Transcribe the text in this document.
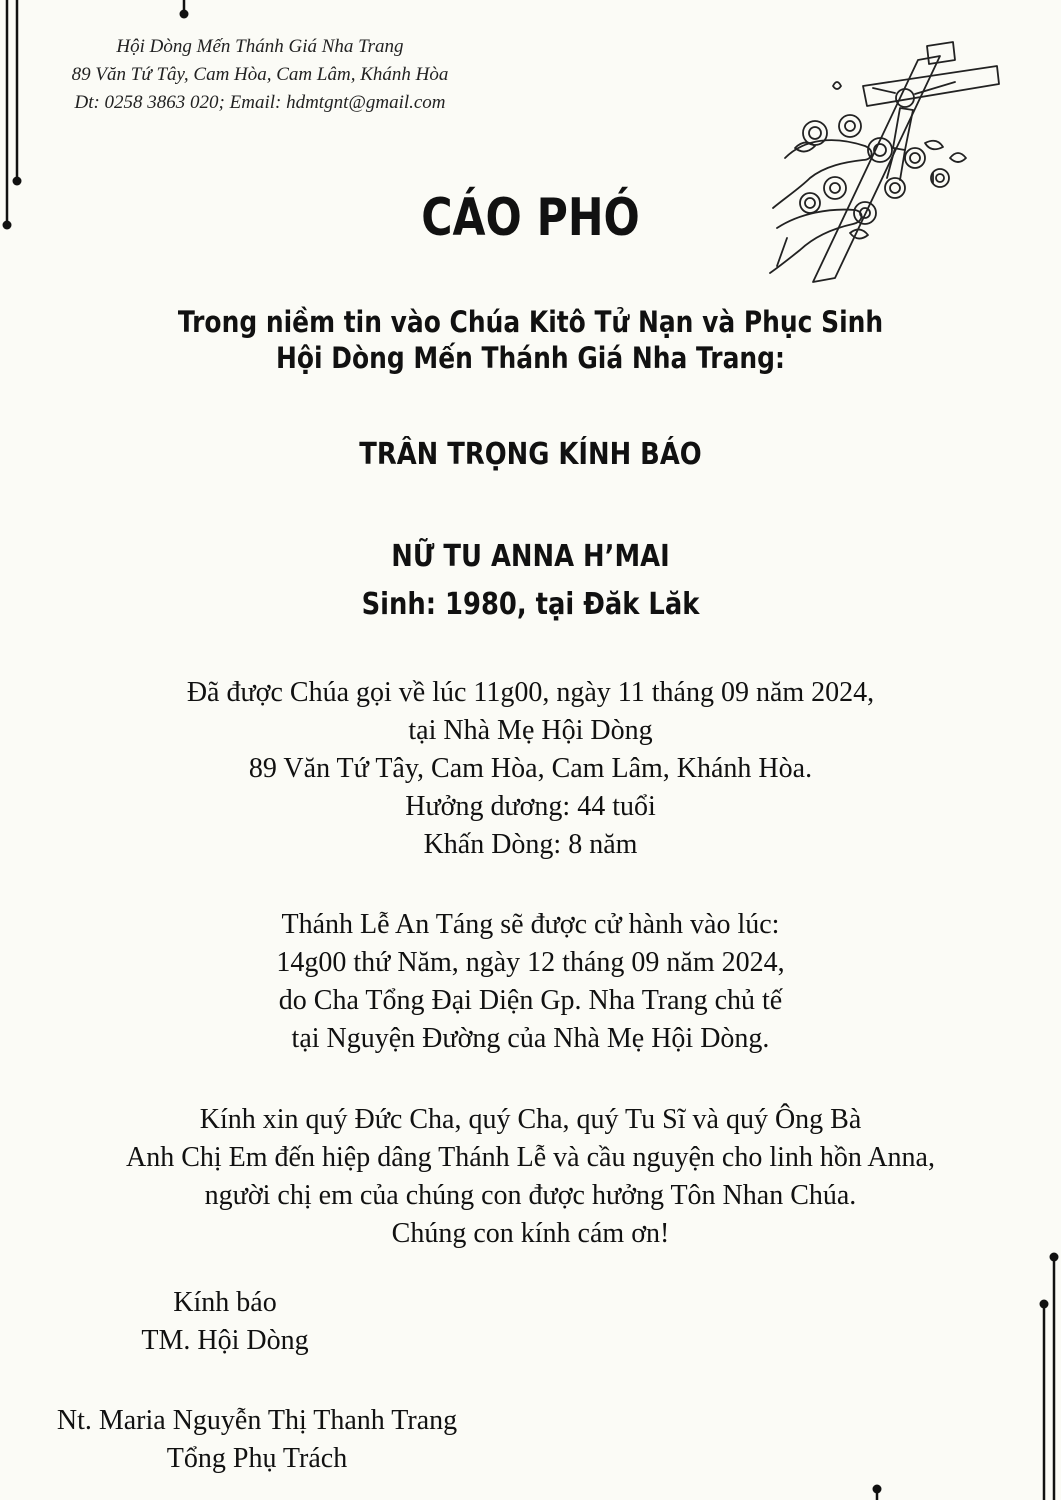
Hội Dòng Mến Thánh Giá Nha Trang
89 Văn Tứ Tây, Cam Hòa, Cam Lâm, Khánh Hòa
Dt: 0258 3863 020; Email: hdmtgnt@gmail.com
CÁO PHÓ
Trong niềm tin vào Chúa Kitô Tử Nạn và Phục Sinh
Hội Dòng Mến Thánh Giá Nha Trang:
TRÂN TRỌNG KÍNH BÁO
NỮ TU ANNA H’MAI
Sinh: 1980, tại Đăk Lăk
Đã được Chúa gọi về lúc 11g00, ngày 11 tháng 09 năm 2024,
tại Nhà Mẹ Hội Dòng
89 Văn Tứ Tây, Cam Hòa, Cam Lâm, Khánh Hòa.
Hưởng dương: 44 tuổi
Khấn Dòng: 8 năm
Thánh Lễ An Táng sẽ được cử hành vào lúc:
14g00 thứ Năm, ngày 12 tháng 09 năm 2024,
do Cha Tổng Đại Diện Gp. Nha Trang chủ tế
tại Nguyện Đường của Nhà Mẹ Hội Dòng.
Kính xin quý Đức Cha, quý Cha, quý Tu Sĩ và quý Ông Bà
Anh Chị Em đến hiệp dâng Thánh Lễ và cầu nguyện cho linh hồn Anna,
người chị em của chúng con được hưởng Tôn Nhan Chúa.
Chúng con kính cám ơn!
Kính báo
TM. Hội Dòng
Nt. Maria Nguyễn Thị Thanh Trang
Tổng Phụ Trách
